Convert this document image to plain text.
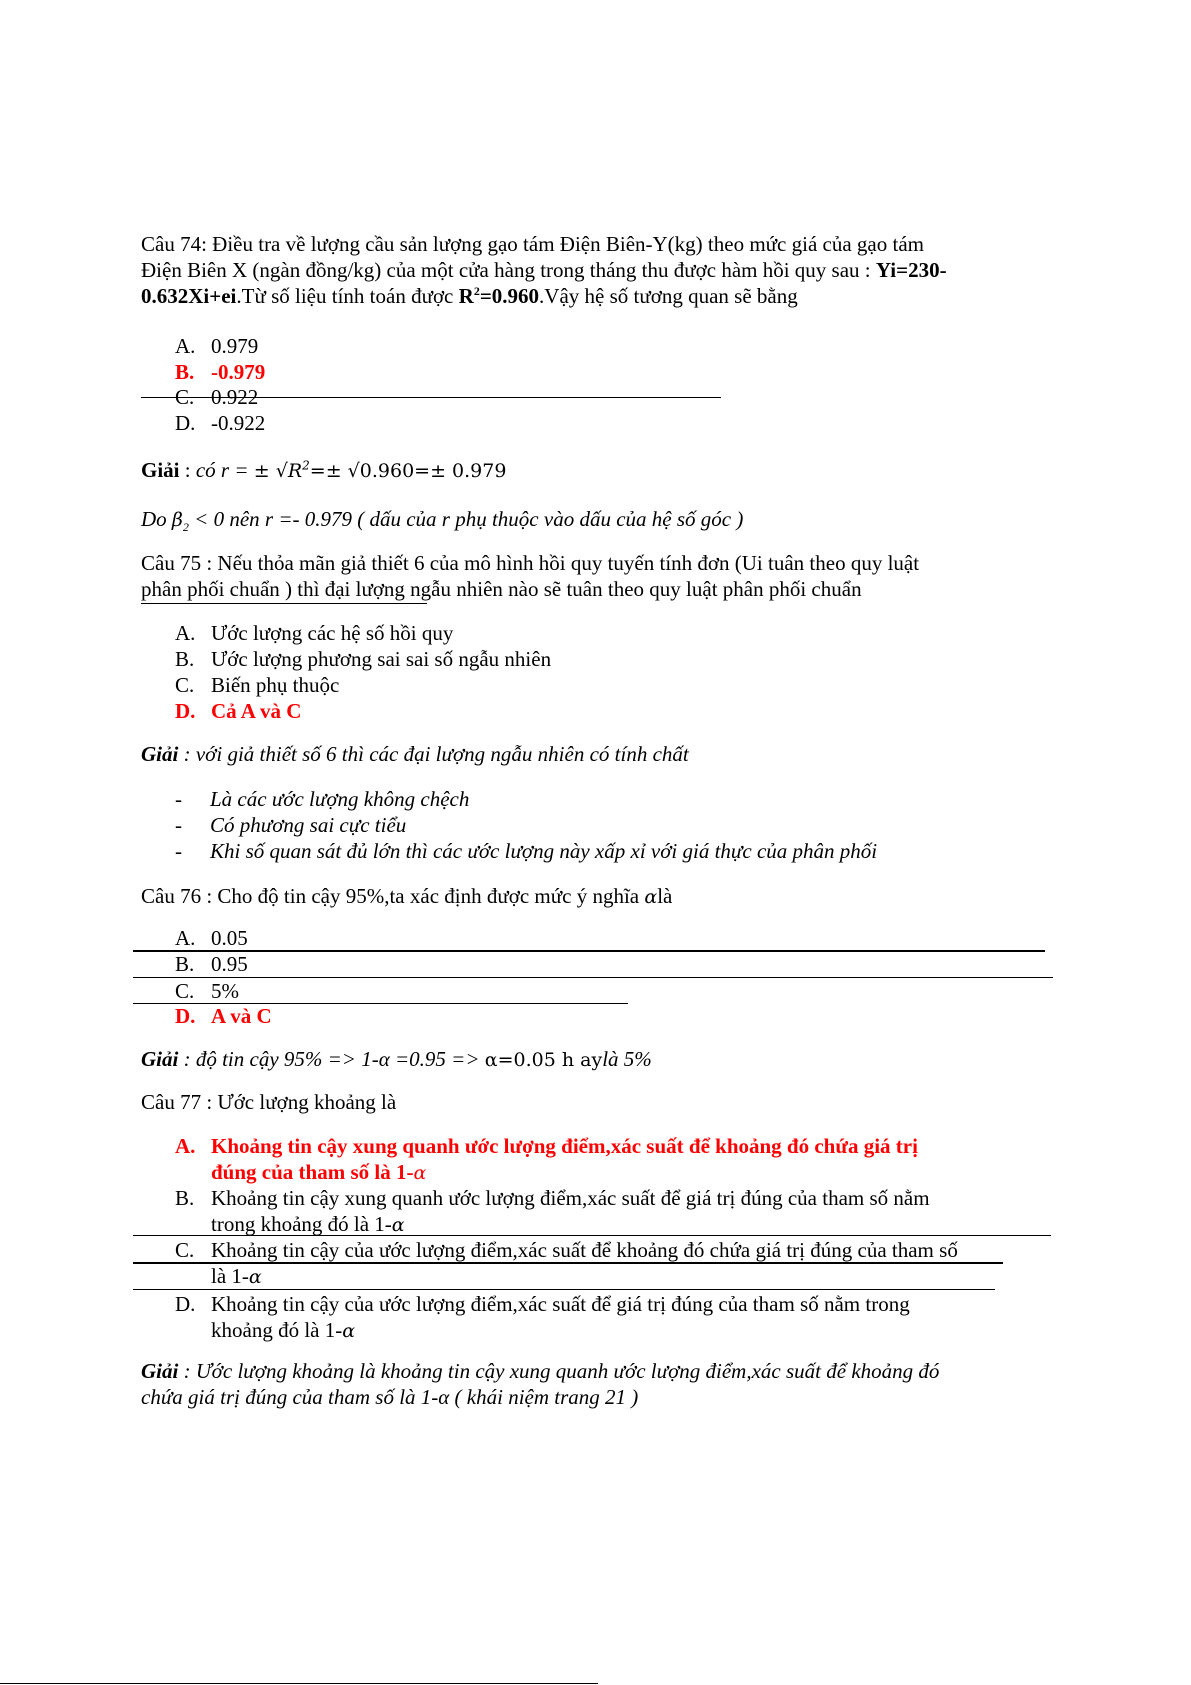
Câu 74: Điều tra về lượng cầu sản lượng gạo tám Điện Biên-Y(kg) theo mức giá của gạo tám
Điện Biên X (ngàn đồng/kg) của một cửa hàng trong tháng thu được hàm hồi quy sau : Yi=230-
0.632Xi+ei.Từ số liệu tính toán được $R^2=0.960.Vậy$ hệ số tương quan sẽ bằng
A. 0.979
B. -0.979
C. 0.922
D. -0.922
Giải : có r = ± $√R^2=\pm √0.960=\pm 0.979$
Do $\beta_2 < 0$ nên r =- 0.979 ( dấu của r phụ thuộc vào dấu của hệ số góc )
Câu 75 : Nếu thỏa mãn giả thiết 6 của mô hình hồi quy tuyến tính đơn (Ui tuân theo quy luật
phân phối chuẩn ) thì đại lượng ngẫu nhiên nào sẽ tuân theo quy luật phân phối chuẩn
A. Ước lượng các hệ số hồi quy
B. Ước lượng phương sai sai số ngẫu nhiên
C. Biến phụ thuộc
D. Cả A và C
Giải : với giả thiết số 6 thì các đại lượng ngẫu nhiên có tính chất
- Là các ước lượng không chệch
- Có phương sai cực tiểu
- Khi số quan sát đủ lớn thì các ước lượng này xấp xỉ với giá thực của phân phối
Câu 76 : Cho độ tin cậy 95%,ta xác định được mức ý nghĩa αlà
A. 0.05
B. 0.95
C. 5%
D. A và C
Giải : độ tin cậy 95% => 1-α =0.95 => α=0.05 h aylà 5%
Câu 77 : Ước lượng khoảng là
A. Khoảng tin cậy xung quanh ước lượng điểm,xác suất để khoảng đó chứa giá trị
đúng của tham số là 1-α
B. Khoảng tin cậy xung quanh ước lượng điểm,xác suất để giá trị đúng của tham số nằm
trong khoảng đó là 1-α
C. Khoảng tin cậy của ước lượng điểm,xác suất để khoảng đó chứa giá trị đúng của tham số
là 1-α
D. Khoảng tin cậy của ước lượng điểm,xác suất để giá trị đúng của tham số nằm trong
khoảng đó là 1-α
Giải : Ước lượng khoảng là khoảng tin cậy xung quanh ước lượng điểm,xác suất để khoảng đó
chứa giá trị đúng của tham số là 1-α ( khái niệm trang 21 )
